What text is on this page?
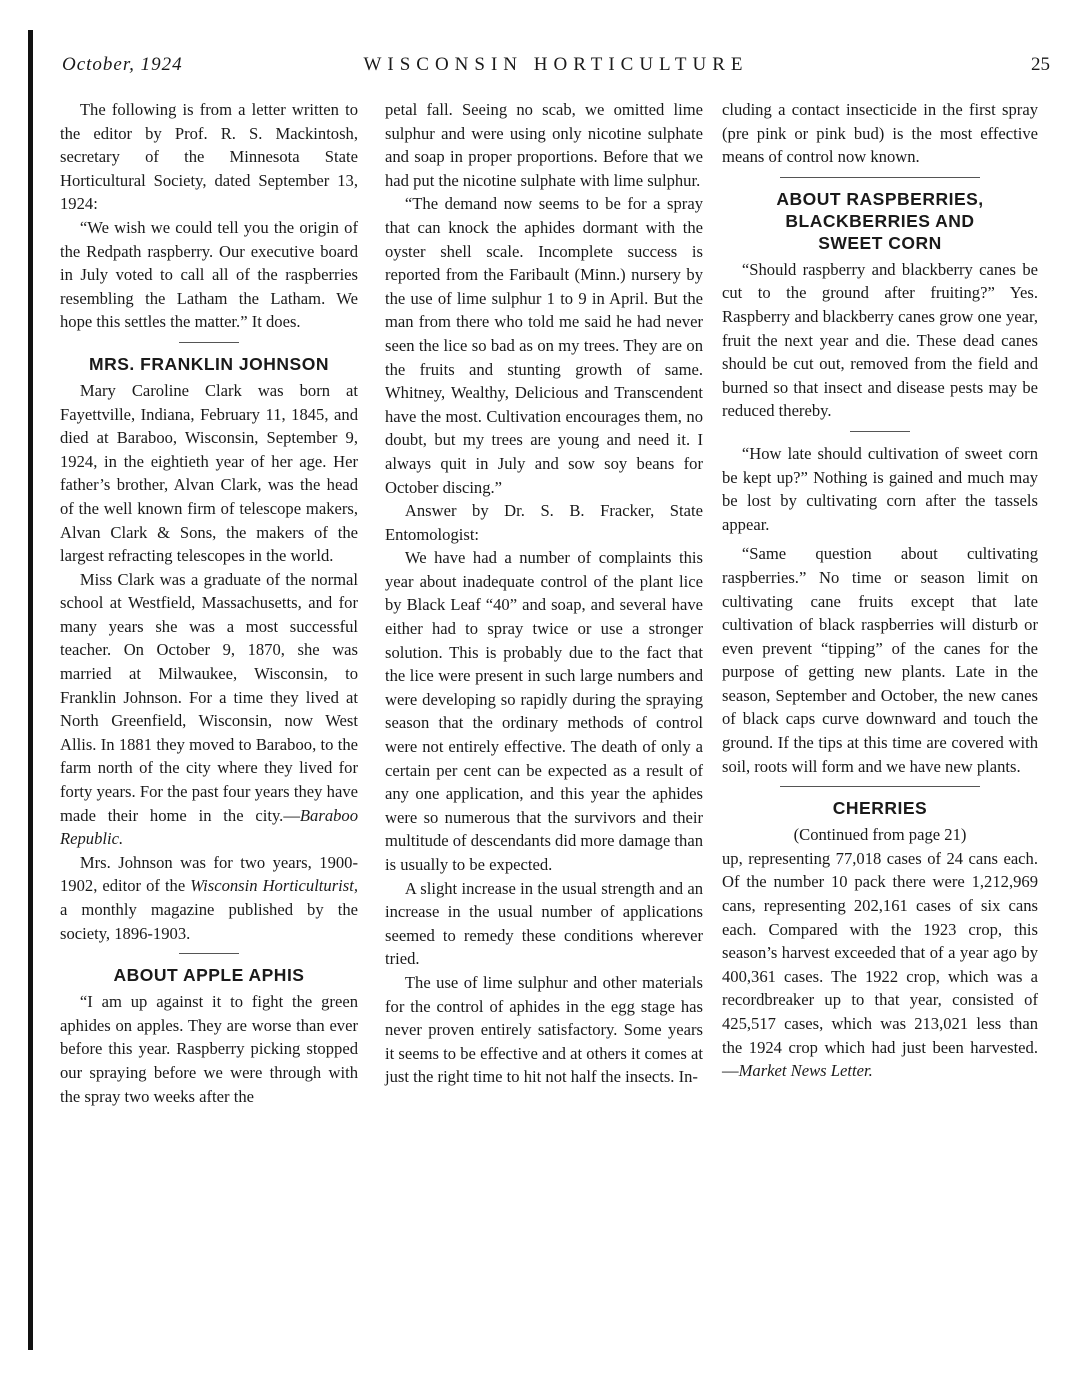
October, 1924	WISCONSIN HORTICULTURE	25

The following is from a letter written to the editor by Prof. R. S. Mackintosh, secretary of the Minnesota State Horticultural Society, dated September 13, 1924:

“We wish we could tell you the origin of the Redpath raspberry. Our executive board in July voted to call all of the raspberries resembling the Latham the Latham. We hope this settles the matter.” It does.

MRS. FRANKLIN JOHNSON

Mary Caroline Clark was born at Fayettville, Indiana, February 11, 1845, and died at Baraboo, Wisconsin, September 9, 1924, in the eightieth year of her age. Her father’s brother, Alvan Clark, was the head of the well known firm of telescope makers, Alvan Clark & Sons, the makers of the largest refracting telescopes in the world.

Miss Clark was a graduate of the normal school at Westfield, Massachusetts, and for many years she was a most successful teacher. On October 9, 1870, she was married at Milwaukee, Wisconsin, to Franklin Johnson. For a time they lived at North Greenfield, Wisconsin, now West Allis. In 1881 they moved to Baraboo, to the farm north of the city where they lived for forty years. For the past four years they have made their home in the city.—Baraboo Republic.

Mrs. Johnson was for two years, 1900-1902, editor of the Wisconsin Horticulturist, a monthly magazine published by the society, 1896-1903.

ABOUT APPLE APHIS

“I am up against it to fight the green aphides on apples. They are worse than ever before this year. Raspberry picking stopped our spraying before we were through with the spray two weeks after the

petal fall. Seeing no scab, we omitted lime sulphur and were using only nicotine sulphate and soap in proper proportions. Before that we had put the nicotine sulphate with lime sulphur.

“The demand now seems to be for a spray that can knock the aphides dormant with the oyster shell scale. Incomplete success is reported from the Faribault (Minn.) nursery by the use of lime sulphur 1 to 9 in April. But the man from there who told me said he had never seen the lice so bad as on my trees. They are on the fruits and stunting growth of same. Whitney, Wealthy, Delicious and Transcendent have the most. Cultivation encourages them, no doubt, but my trees are young and need it. I always quit in July and sow soy beans for October discing.”

Answer by Dr. S. B. Fracker, State Entomologist:

We have had a number of complaints this year about inadequate control of the plant lice by Black Leaf “40” and soap, and several have either had to spray twice or use a stronger solution. This is probably due to the fact that the lice were present in such large numbers and were developing so rapidly during the spraying season that the ordinary methods of control were not entirely effective. The death of only a certain per cent can be expected as a result of any one application, and this year the aphides were so numerous that the survivors and their multitude of descendants did more damage than is usually to be expected.

A slight increase in the usual strength and an increase in the usual number of applications seemed to remedy these conditions wherever tried.

The use of lime sulphur and other materials for the control of aphides in the egg stage has never proven entirely satisfactory. Some years it seems to be effective and at others it comes at just the right time to hit not half the insects. In-

cluding a contact insecticide in the first spray (pre pink or pink bud) is the most effective means of control now known.

ABOUT RASPBERRIES,
BLACKBERRIES AND
SWEET CORN

“Should raspberry and blackberry canes be cut to the ground after fruiting?” Yes. Raspberry and blackberry canes grow one year, fruit the next year and die. These dead canes should be cut out, removed from the field and burned so that insect and disease pests may be reduced thereby.

“How late should cultivation of sweet corn be kept up?” Nothing is gained and much may be lost by cultivating corn after the tassels appear.

“Same question about cultivating raspberries.” No time or season limit on cultivating cane fruits except that late cultivation of black raspberries will disturb or even prevent “tipping” of the canes for the purpose of getting new plants. Late in the season, September and October, the new canes of black caps curve downward and touch the ground. If the tips at this time are covered with soil, roots will form and we have new plants.

CHERRIES

(Continued from page 21)

up, representing 77,018 cases of 24 cans each. Of the number 10 pack there were 1,212,969 cans, representing 202,161 cases of six cans each. Compared with the 1923 crop, this season’s harvest exceeded that of a year ago by 400,361 cases. The 1922 crop, which was a recordbreaker up to that year, consisted of 425,517 cases, which was 213,021 less than the 1924 crop which had just been harvested.—Market News Letter.
